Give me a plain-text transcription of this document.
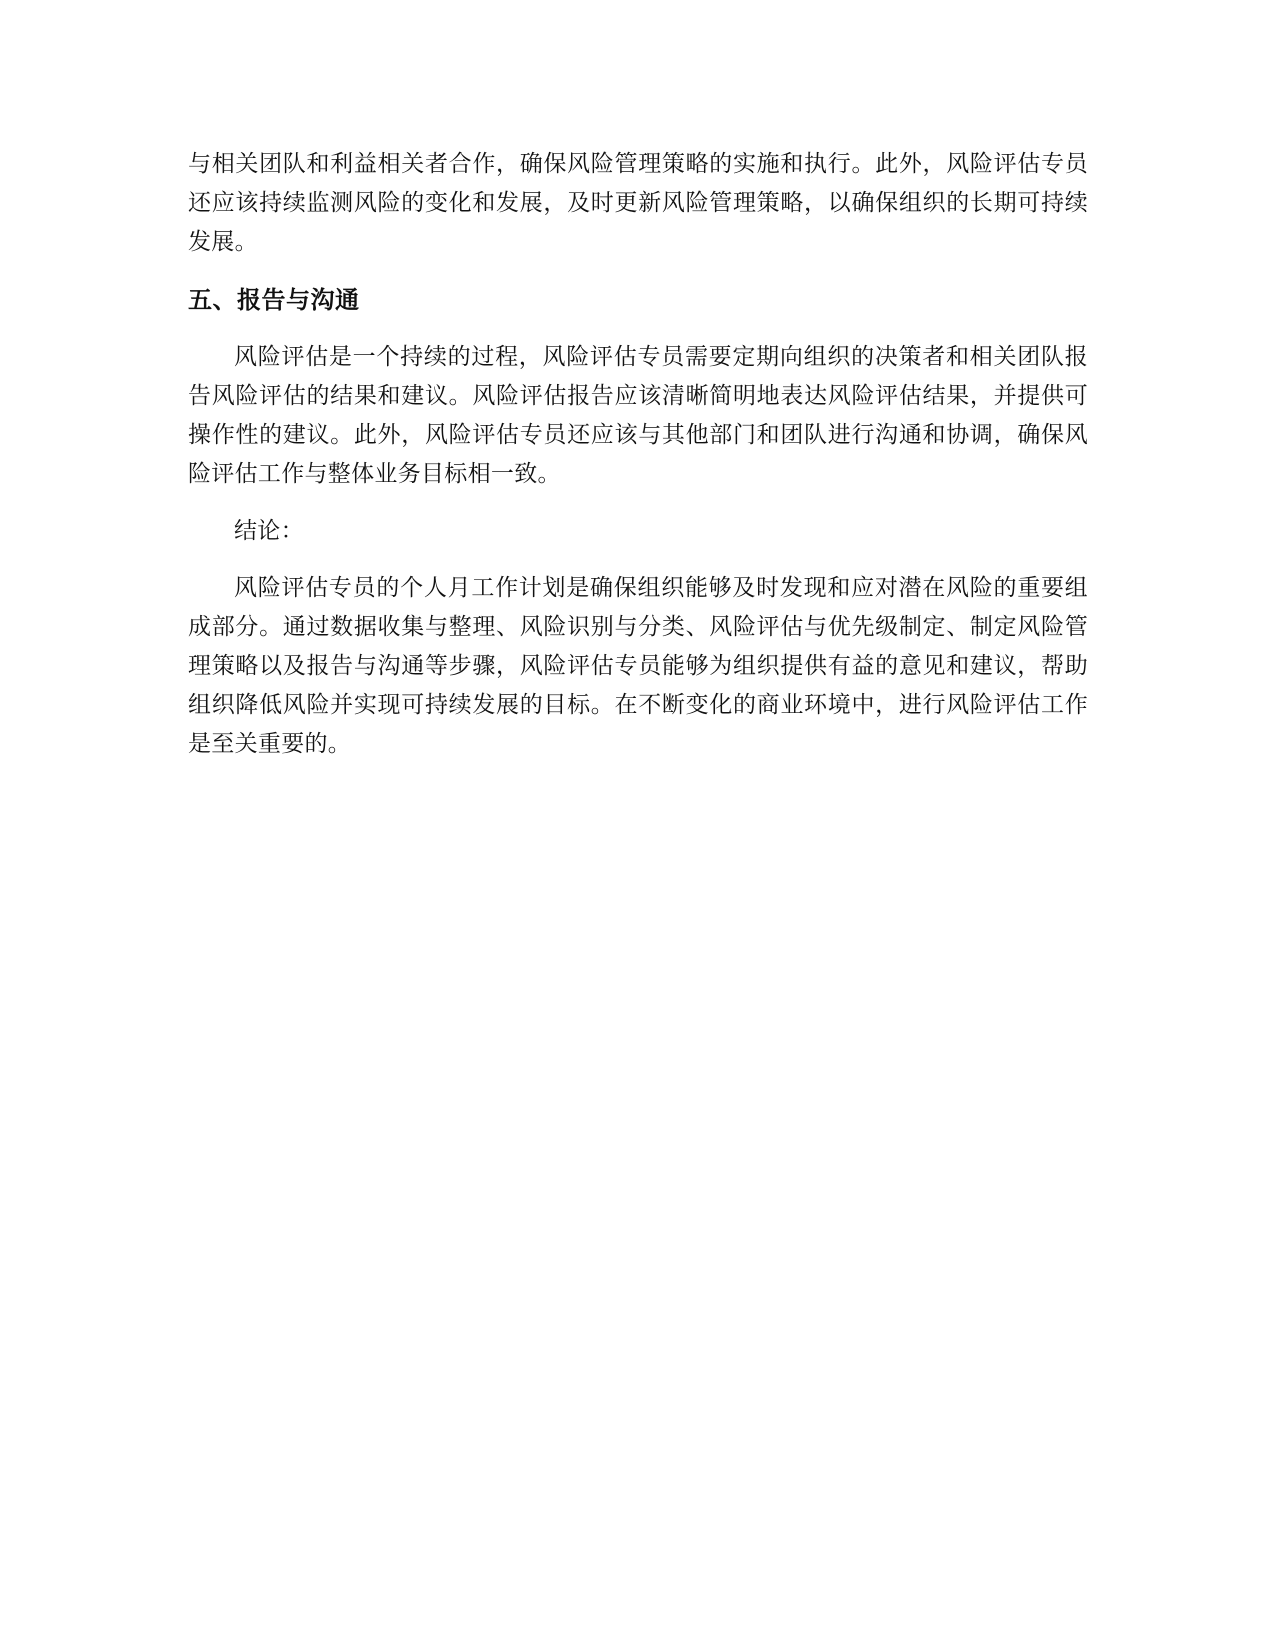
与相关团队和利益相关者合作，确保风险管理策略的实施和执行。此外，风险评估专员还应该持续监测风险的变化和发展，及时更新风险管理策略，以确保组织的长期可持续发展。

五、报告与沟通

风险评估是一个持续的过程，风险评估专员需要定期向组织的决策者和相关团队报告风险评估的结果和建议。风险评估报告应该清晰简明地表达风险评估结果，并提供可操作性的建议。此外，风险评估专员还应该与其他部门和团队进行沟通和协调，确保风险评估工作与整体业务目标相一致。

结论：

风险评估专员的个人月工作计划是确保组织能够及时发现和应对潜在风险的重要组成部分。通过数据收集与整理、风险识别与分类、风险评估与优先级制定、制定风险管理策略以及报告与沟通等步骤，风险评估专员能够为组织提供有益的意见和建议，帮助组织降低风险并实现可持续发展的目标。在不断变化的商业环境中，进行风险评估工作是至关重要的。
